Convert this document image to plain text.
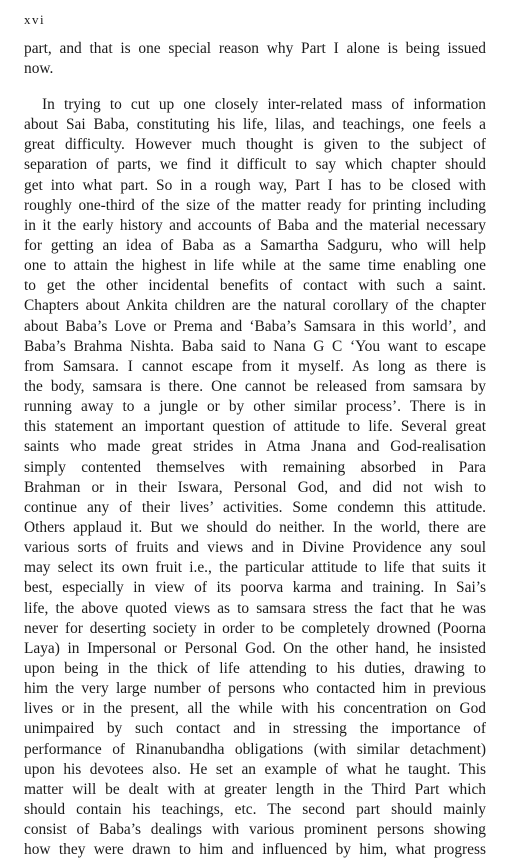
xvi
part, and that is one special reason why Part I alone is being issued
now.
In trying to cut up one closely inter-related mass of information
about Sai Baba, constituting his life, lilas, and teachings, one feels a
great difficulty. However much thought is given to the subject of
separation of parts, we find it difficult to say which chapter should
get into what part. So in a rough way, Part I has to be closed with
roughly one-third of the size of the matter ready for printing including
in it the early history and accounts of Baba and the material necessary
for getting an idea of Baba as a Samartha Sadguru, who will help
one to attain the highest in life while at the same time enabling one
to get the other incidental benefits of contact with such a saint.
Chapters about Ankita children are the natural corollary of the chapter
about Baba’s Love or Prema and ‘Baba’s Samsara in this world’, and
Baba’s Brahma Nishta. Baba said to Nana G C ‘You want to escape
from Samsara. I cannot escape from it myself. As long as there is
the body, samsara is there. One cannot be released from samsara by
running away to a jungle or by other similar process’. There is in
this statement an important question of attitude to life. Several great
saints who made great strides in Atma Jnana and God-realisation
simply contented themselves with remaining absorbed in Para
Brahman or in their Iswara, Personal God, and did not wish to
continue any of their lives’ activities. Some condemn this attitude.
Others applaud it. But we should do neither. In the world, there are
various sorts of fruits and views and in Divine Providence any soul
may select its own fruit i.e., the particular attitude to life that suits it
best, especially in view of its poorva karma and training. In Sai’s
life, the above quoted views as to samsara stress the fact that he was
never for deserting society in order to be completely drowned (Poorna
Laya) in Impersonal or Personal God. On the other hand, he insisted
upon being in the thick of life attending to his duties, drawing to
him the very large number of persons who contacted him in previous
lives or in the present, all the while with his concentration on God
unimpaired by such contact and in stressing the importance of
performance of Rinanubandha obligations (with similar detachment)
upon his devotees also. He set an example of what he taught. This
matter will be dealt with at greater length in the Third Part which
should contain his teachings, etc. The second part should mainly
consist of Baba’s dealings with various prominent persons showing
how they were drawn to him and influenced by him, what progress
